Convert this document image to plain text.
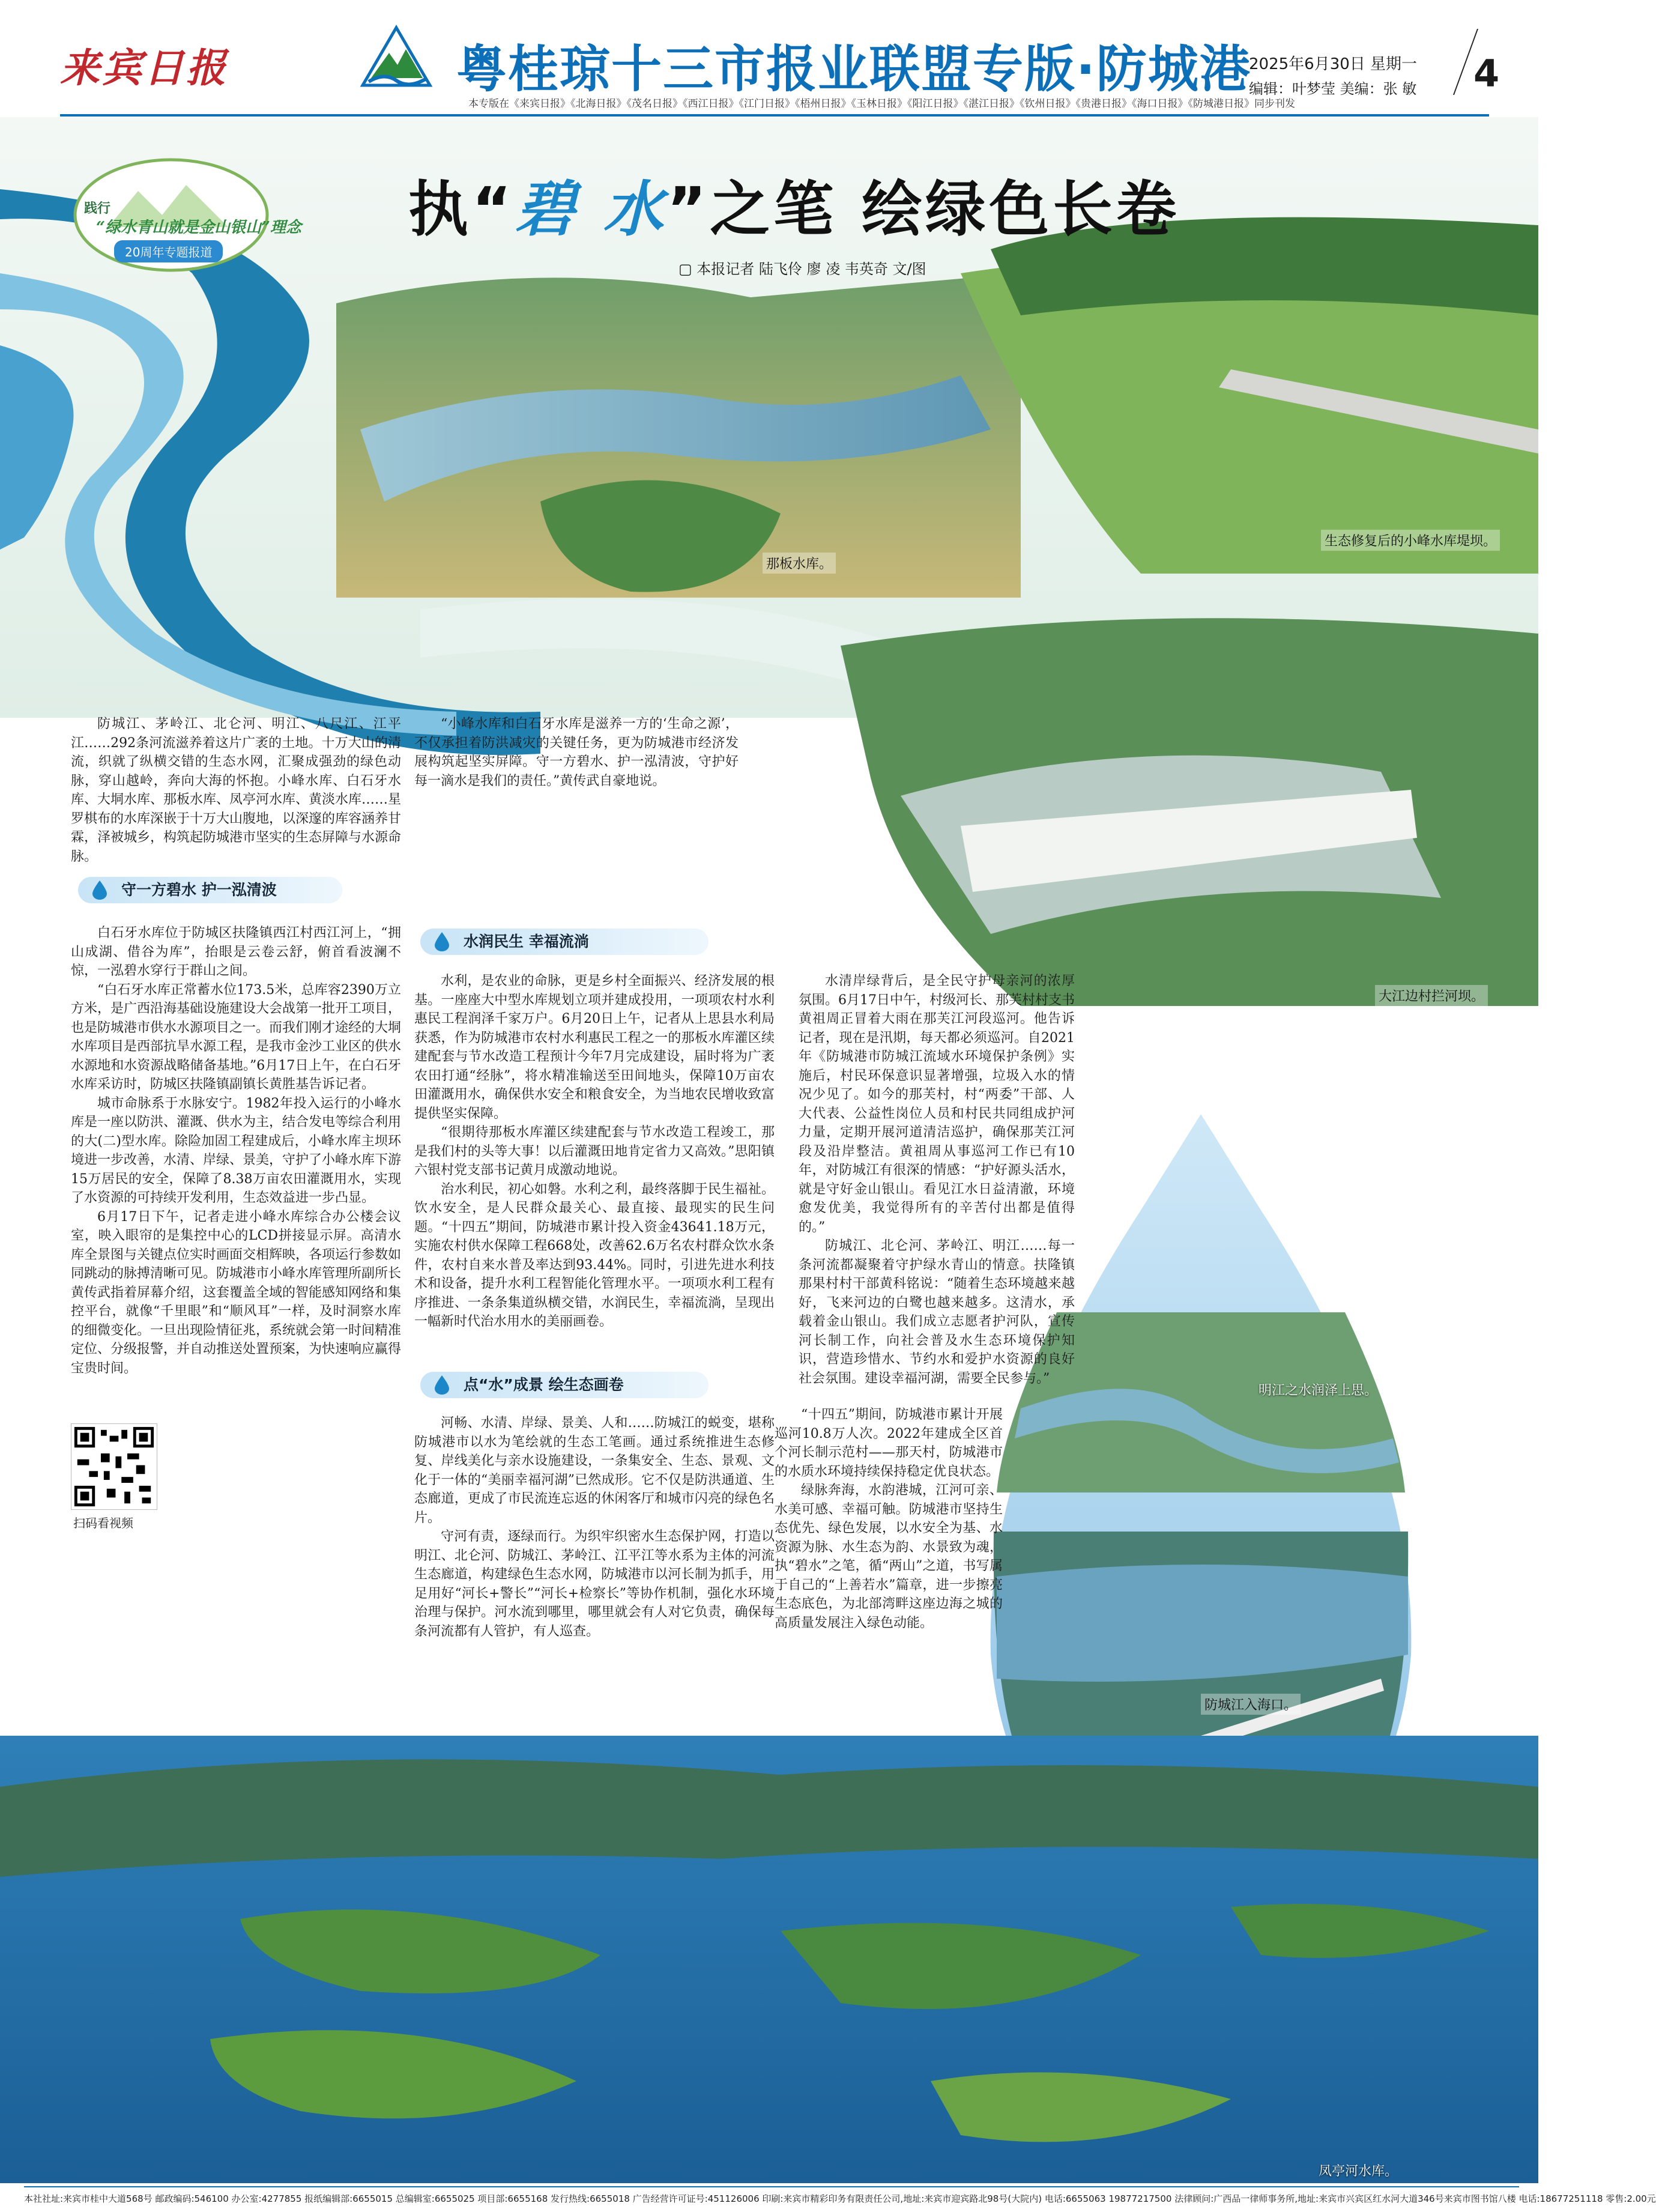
来宾日报	粤桂琼十三市报业联盟专版·防城港
2025年6月30日 星期一
编辑：叶梦莹 美编：张 敏 4
本专版在《来宾日报》《北海日报》《茂名日报》《西江日报》《江门日报》《梧州日报》《玉林日报》《阳江日报》《湛江日报》《钦州日报》《贵港日报》《海口日报》《防城港日报》同步刊发
践行
“绿水青山就是金山银山”理念
20周年专题报道
执“碧 水”之笔 绘绿色长卷
▢ 本报记者 陆飞伶 廖 凌 韦英奇 文/图
那板水库。
生态修复后的小峰水库堤坝。
大江边村拦河坝。
明江之水润泽上思。
防城江入海口。
凤亭河水库。

防城江、茅岭江、北仑河、明江、八尺江、江平江……292条河流滋养着这片广袤的土地。十万大山的清流，织就了纵横交错的生态水网，汇聚成强劲的绿色动脉，穿山越岭，奔向大海的怀抱。小峰水库、白石牙水库、大垌水库、那板水库、凤亭河水库、黄淡水库……星罗棋布的水库深嵌于十万大山腹地，以深邃的库容涵养甘霖，泽被城乡，构筑起防城港市坚实的生态屏障与水源命脉。

守一方碧水 护一泓清波

白石牙水库位于防城区扶隆镇西江村西江河上，“拥山成湖、借谷为库”，抬眼是云卷云舒，俯首看波澜不惊，一泓碧水穿行于群山之间。

“白石牙水库正常蓄水位173.5米，总库容2390万立方米，是广西沿海基础设施建设大会战第一批开工项目，也是防城港市供水水源项目之一。而我们刚才途经的大垌水库项目是西部抗旱水源工程，是我市金沙工业区的供水水源地和水资源战略储备基地。”6月17日上午，在白石牙水库采访时，防城区扶隆镇副镇长黄胜基告诉记者。

城市命脉系于水脉安宁。1982年投入运行的小峰水库是一座以防洪、灌溉、供水为主，结合发电等综合利用的大(二)型水库。除险加固工程建成后，小峰水库主坝环境进一步改善，水清、岸绿、景美，守护了小峰水库下游15万居民的安全，保障了8.38万亩农田灌溉用水，实现了水资源的可持续开发利用，生态效益进一步凸显。

6月17日下午，记者走进小峰水库综合办公楼会议室，映入眼帘的是集控中心的LCD拼接显示屏。高清水库全景图与关键点位实时画面交相辉映，各项运行参数如同跳动的脉搏清晰可见。防城港市小峰水库管理所副所长黄传武指着屏幕介绍，这套覆盖全域的智能感知网络和集控平台，就像“千里眼”和“顺风耳”一样，及时洞察水库的细微变化。一旦出现险情征兆，系统就会第一时间精准定位、分级报警，并自动推送处置预案，为快速响应赢得宝贵时间。

“小峰水库和白石牙水库是滋养一方的‘生命之源’，不仅承担着防洪减灾的关键任务，更为防城港市经济发展构筑起坚实屏障。守一方碧水、护一泓清波，守护好每一滴水是我们的责任。”黄传武自豪地说。

水润民生 幸福流淌

水利，是农业的命脉，更是乡村全面振兴、经济发展的根基。一座座大中型水库规划立项并建成投用，一项项农村水利惠民工程润泽千家万户。6月20日上午，记者从上思县水利局获悉，作为防城港市农村水利惠民工程之一的那板水库灌区续建配套与节水改造工程预计今年7月完成建设，届时将为广袤农田打通“经脉”，将水精准输送至田间地头，保障10万亩农田灌溉用水，确保供水安全和粮食安全，为当地农民增收致富提供坚实保障。

“很期待那板水库灌区续建配套与节水改造工程竣工，那是我们村的头等大事！以后灌溉田地肯定省力又高效。”思阳镇六银村党支部书记黄月成激动地说。

治水利民，初心如磐。水利之利，最终落脚于民生福祉。饮水安全，是人民群众最关心、最直接、最现实的民生问题。“十四五”期间，防城港市累计投入资金43641.18万元，实施农村供水保障工程668处，改善62.6万名农村群众饮水条件，农村自来水普及率达到93.44%。同时，引进先进水利技术和设备，提升水利工程智能化管理水平。一项项水利工程有序推进、一条条集道纵横交错，水润民生，幸福流淌，呈现出一幅新时代治水用水的美丽画卷。

点“水”成景 绘生态画卷

河畅、水清、岸绿、景美、人和……防城江的蜕变，堪称防城港市以水为笔绘就的生态工笔画。通过系统推进生态修复、岸线美化与亲水设施建设，一条集安全、生态、景观、文化于一体的“美丽幸福河湖”已然成形。它不仅是防洪通道、生态廊道，更成了市民流连忘返的休闲客厅和城市闪亮的绿色名片。

守河有责，逐绿而行。为织牢织密水生态保护网，打造以明江、北仑河、防城江、茅岭江、江平江等水系为主体的河流生态廊道，构建绿色生态水网，防城港市以河长制为抓手，用足用好“河长+警长”“河长+检察长”等协作机制，强化水环境治理与保护。河水流到哪里，哪里就会有人对它负责，确保每条河流都有人管护，有人巡查。

水清岸绿背后，是全民守护母亲河的浓厚氛围。6月17日中午，村级河长、那芙村村支书黄祖周正冒着大雨在那芙江河段巡河。他告诉记者，现在是汛期，每天都必须巡河。自2021年《防城港市防城江流域水环境保护条例》实施后，村民环保意识显著增强，垃圾入水的情况少见了。如今的那芙村，村“两委”干部、人大代表、公益性岗位人员和村民共同组成护河力量，定期开展河道清洁巡护，确保那芙江河段及沿岸整洁。黄祖周从事巡河工作已有10年，对防城江有很深的情感：“护好源头活水，就是守好金山银山。看见江水日益清澈，环境愈发优美，我觉得所有的辛苦付出都是值得的。”

防城江、北仑河、茅岭江、明江……每一条河流都凝聚着守护绿水青山的情意。扶隆镇那果村村干部黄科铭说：“随着生态环境越来越好，飞来河边的白鹭也越来越多。这清水，承载着金山银山。我们成立志愿者护河队，宣传河长制工作，向社会普及水生态环境保护知识，营造珍惜水、节约水和爱护水资源的良好社会氛围。建设幸福河湖，需要全民参与。”

“十四五”期间，防城港市累计开展巡河10.8万人次。2022年建成全区首个河长制示范村——那天村，防城港市的水质水环境持续保持稳定优良状态。

绿脉奔海，水韵港城，江河可亲、水美可感、幸福可触。防城港市坚持生态优先、绿色发展，以水安全为基、水资源为脉、水生态为韵、水景致为魂，执“碧水”之笔，循“两山”之道，书写属于自己的“上善若水”篇章，进一步擦亮生态底色，为北部湾畔这座边海之城的高质量发展注入绿色动能。

扫码看视频
本社社址:来宾市桂中大道568号 邮政编码:546100 办公室:4277855 报纸编辑部:6655015 总编辑室:6655025 项目部:6655168 发行热线:6655018 广告经营许可证号:451126006 印刷:来宾市精彩印务有限责任公司,地址:来宾市迎宾路北98号(大院内) 电话:6655063 19877217500 法律顾问:广西品一律师事务所,地址:来宾市兴宾区红水河大道346号来宾市图书馆八楼 电话:18677251118 零售:2.00元
